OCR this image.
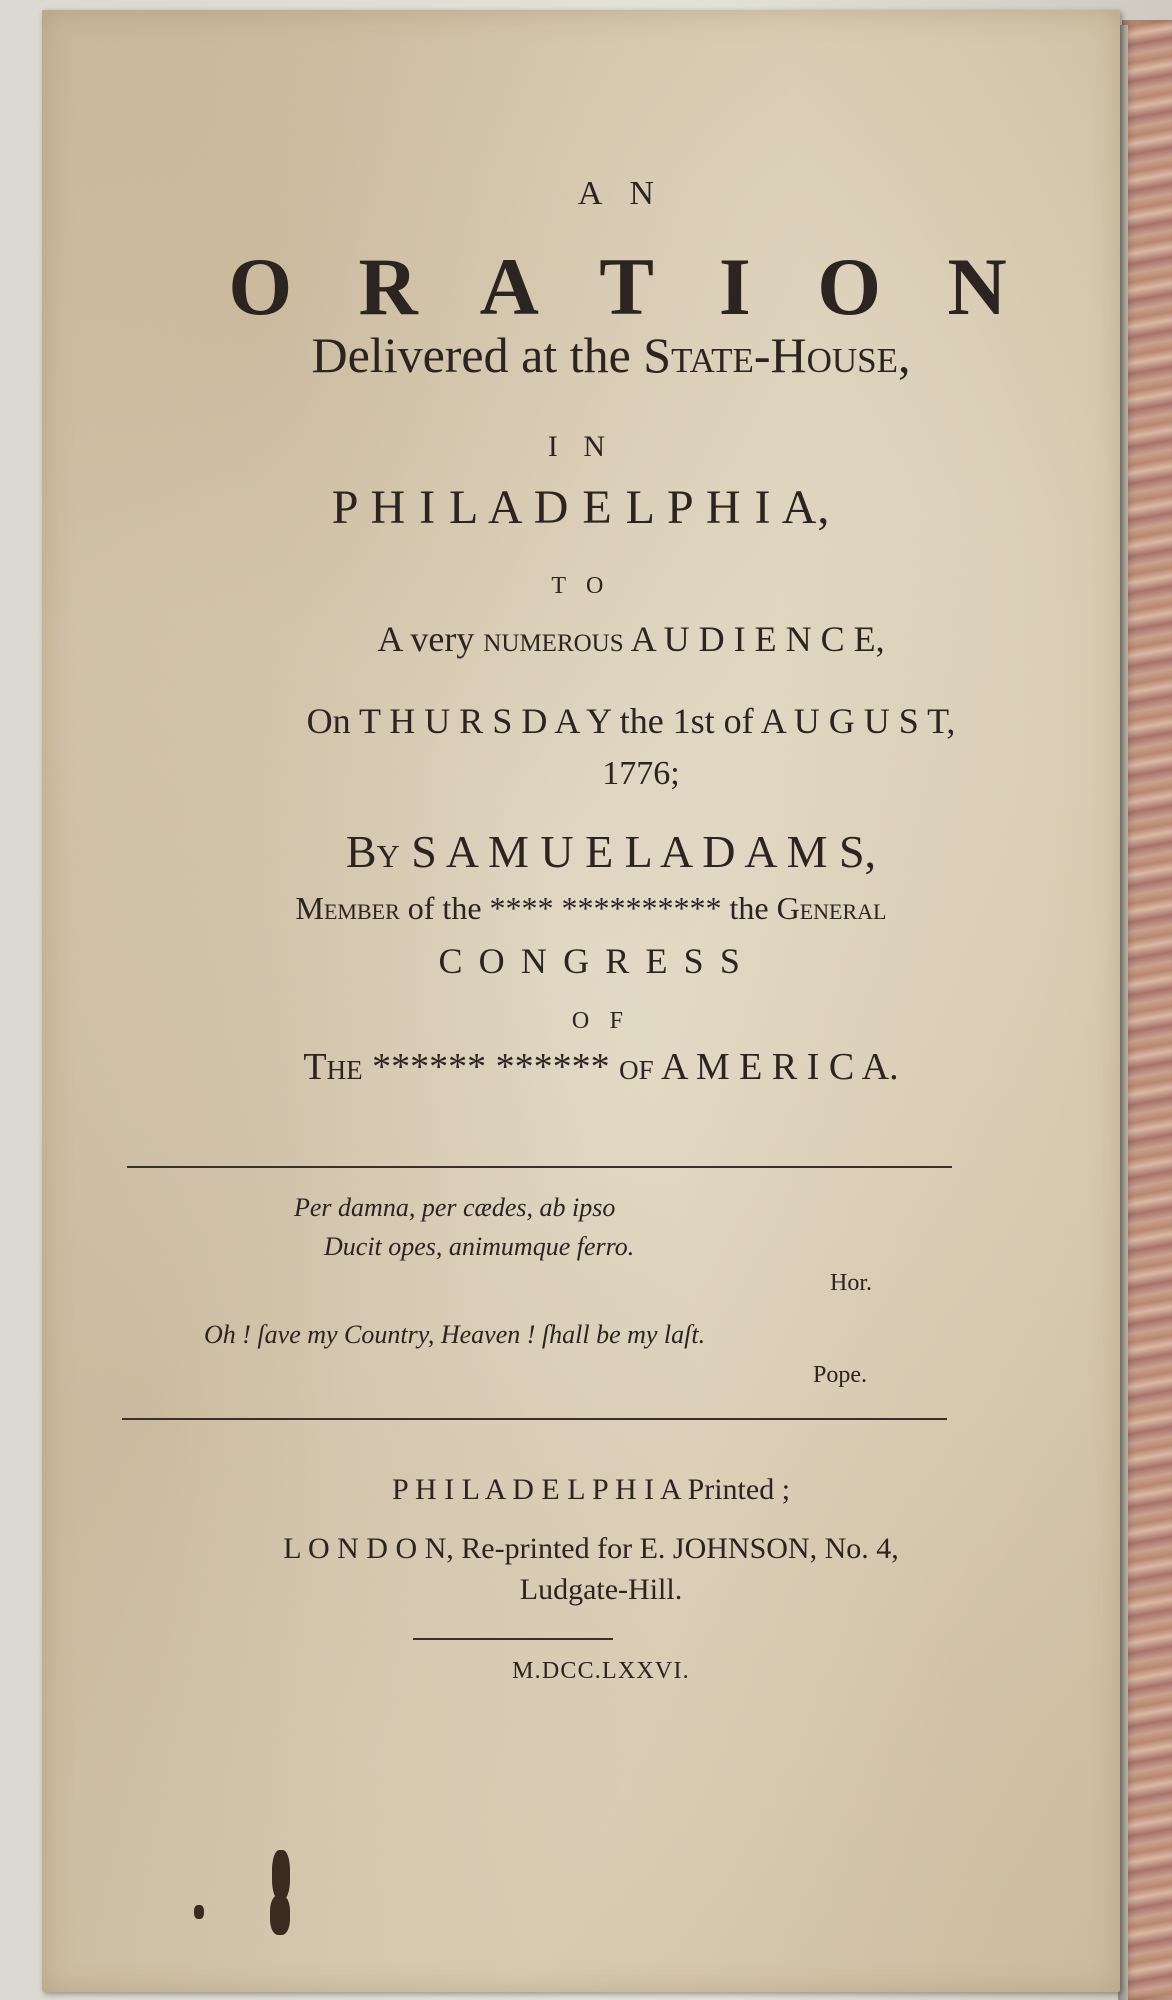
A N
O R A T I O N
Delivered at the State-House,
I N
P H I L A D E L P H I A,
T O
A very numerous A U D I E N C E,
On T H U R S D A Y the 1st of A U G U S T,
1776;
By S A M U E L A D A M S,
Member of the **** ********** the General
C O N G R E S S
O F
The ****** ****** of A M E R I C A.
Per damna, per cædes, ab ipso
Ducit opes, animumque ferro.
Hor.
Oh ! ſave my Country, Heaven ! ſhall be my laſt.
Pope.
P H I L A D E L P H I A Printed ;
L O N D O N, Re-printed for E. JOHNSON, No. 4,
Ludgate-Hill.
M.DCC.LXXVI.
